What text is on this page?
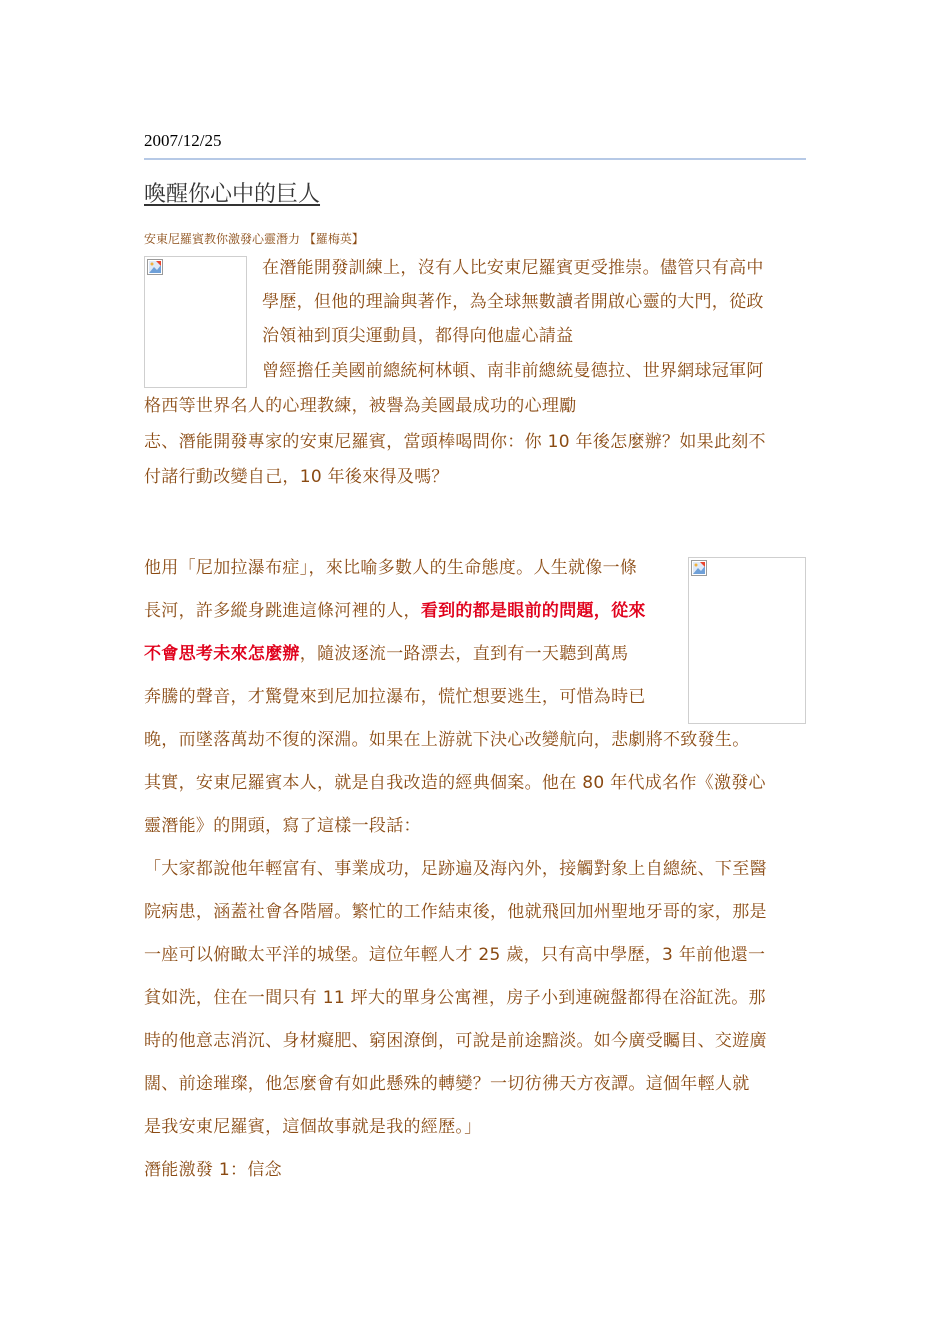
2007/12/25
喚醒你心中的巨人
安東尼羅賓教你激發心靈潛力 【羅梅英】
在潛能開發訓練上，沒有人比安東尼羅賓更受推崇。儘管只有高中
學歷，但他的理論與著作，為全球無數讀者開啟心靈的大門，從政
治領袖到頂尖運動員，都得向他虛心請益
曾經擔任美國前總統柯林頓、南非前總統曼德拉、世界網球冠軍阿
格西等世界名人的心理教練，被譽為美國最成功的心理勵
志、潛能開發專家的安東尼羅賓，當頭棒喝問你：你 10 年後怎麼辦？如果此刻不
付諸行動改變自己，10 年後來得及嗎？
他用「尼加拉瀑布症」，來比喻多數人的生命態度。人生就像一條
長河，許多縱身跳進這條河裡的人，看到的都是眼前的問題，從來
不會思考未來怎麼辦，隨波逐流一路漂去，直到有一天聽到萬馬
奔騰的聲音，才驚覺來到尼加拉瀑布，慌忙想要逃生，可惜為時已
晚，而墜落萬劫不復的深淵。如果在上游就下決心改變航向，悲劇將不致發生。
其實，安東尼羅賓本人，就是自我改造的經典個案。他在 80 年代成名作《激發心
靈潛能》的開頭，寫了這樣一段話：
「大家都說他年輕富有、事業成功，足跡遍及海內外，接觸對象上自總統、下至醫
院病患，涵蓋社會各階層。繁忙的工作結束後，他就飛回加州聖地牙哥的家，那是
一座可以俯瞰太平洋的城堡。這位年輕人才 25 歲，只有高中學歷，3 年前他還一
貧如洗，住在一間只有 11 坪大的單身公寓裡，房子小到連碗盤都得在浴缸洗。那
時的他意志消沉、身材癡肥、窮困潦倒，可說是前途黯淡。如今廣受矚目、交遊廣
闊、前途璀璨，他怎麼會有如此懸殊的轉變？一切彷彿天方夜譚。這個年輕人就
是我安東尼羅賓，這個故事就是我的經歷。」
潛能激發 1：信念
